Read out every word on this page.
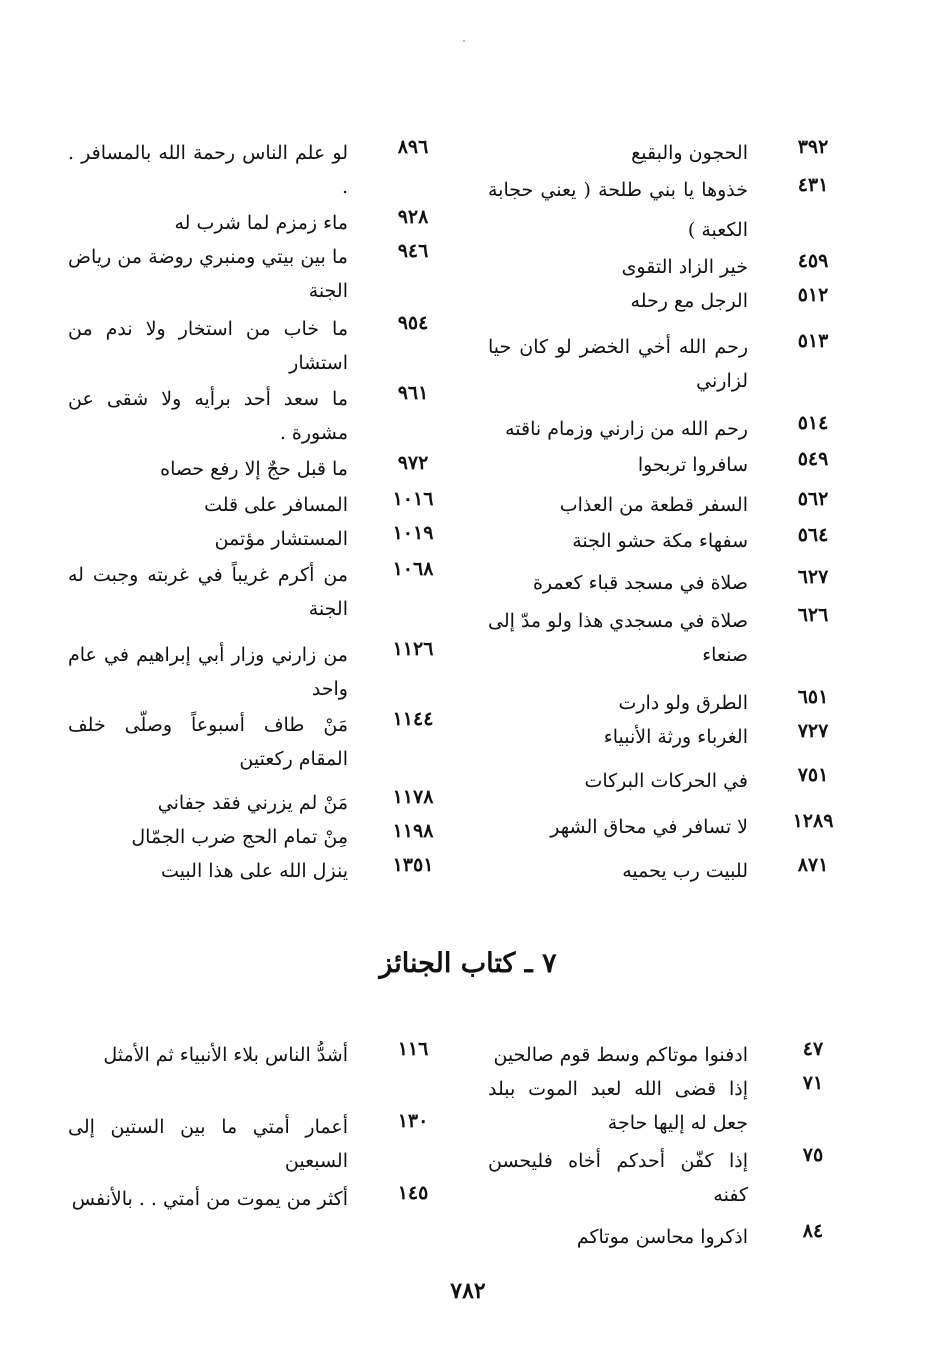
٣٩٢
الحجون والبقيع
٤٣١
خذوها يا بني طلحة ( يعني حجابة الكعبة )
٤٥٩
خير الزاد التقوى
٥١٢
الرجل مع رحله
٥١٣
رحم الله أخي الخضر لو كان حيا لزارني
٥١٤
رحم الله من زارني وزمام ناقته
٥٤٩
سافروا تربحوا
٥٦٢
السفر قطعة من العذاب
٥٦٤
سفهاء مكة حشو الجنة
٦٢٧
صلاة في مسجد قباء كعمرة
٦٢٦
صلاة في مسجدي هذا ولو مدّ إلى صنعاء
٦٥١
الطرق ولو دارت
٧٢٧
الغرباء ورثة الأنبياء
٧٥١
في الحركات البركات
١٢٨٩
لا تسافر في محاق الشهر
٨٧١
للبيت رب يحميه
٨٩٦
لو علم الناس رحمة الله بالمسافر . .
٩٢٨
ماء زمزم لما شرب له
٩٤٦
ما بين بيتي ومنبري روضة من رياض الجنة
٩٥٤
ما خاب من استخار ولا ندم من استشار
٩٦١
ما سعد أحد برأيه ولا شقى عن مشورة .
٩٧٢
ما قبل حجٌ إلا رفع حصاه
١٠١٦
المسافر على قلت
١٠١٩
المستشار مؤتمن
١٠٦٨
من أكرم غريباً في غربته وجبت له الجنة
١١٢٦
من زارني وزار أبي إبراهيم في عام واحد
١١٤٤
مَنْ طاف أسبوعاً وصلّى خلف المقام ركعتين
١١٧٨
مَنْ لم يزرني فقد جفاني
١١٩٨
مِنْ تمام الحج ضرب الجمّال
١٣٥١
ينزل الله على هذا البيت
٧ ـ كتاب الجنائز
٤٧
ادفنوا موتاكم وسط قوم صالحين
٧١
إذا قضى الله لعبد الموت ببلد جعل له إليها حاجة
٧٥
إذا كفّن أحدكم أخاه فليحسن كفنه
٨٤
اذكروا محاسن موتاكم
١١٦
أشدُّ الناس بلاء الأنبياء ثم الأمثل
١٣٠
أعمار أمتي ما بين الستين إلى السبعين
١٤٥
أكثر من يموت من أمتي . . بالأنفس
٧٨٢
